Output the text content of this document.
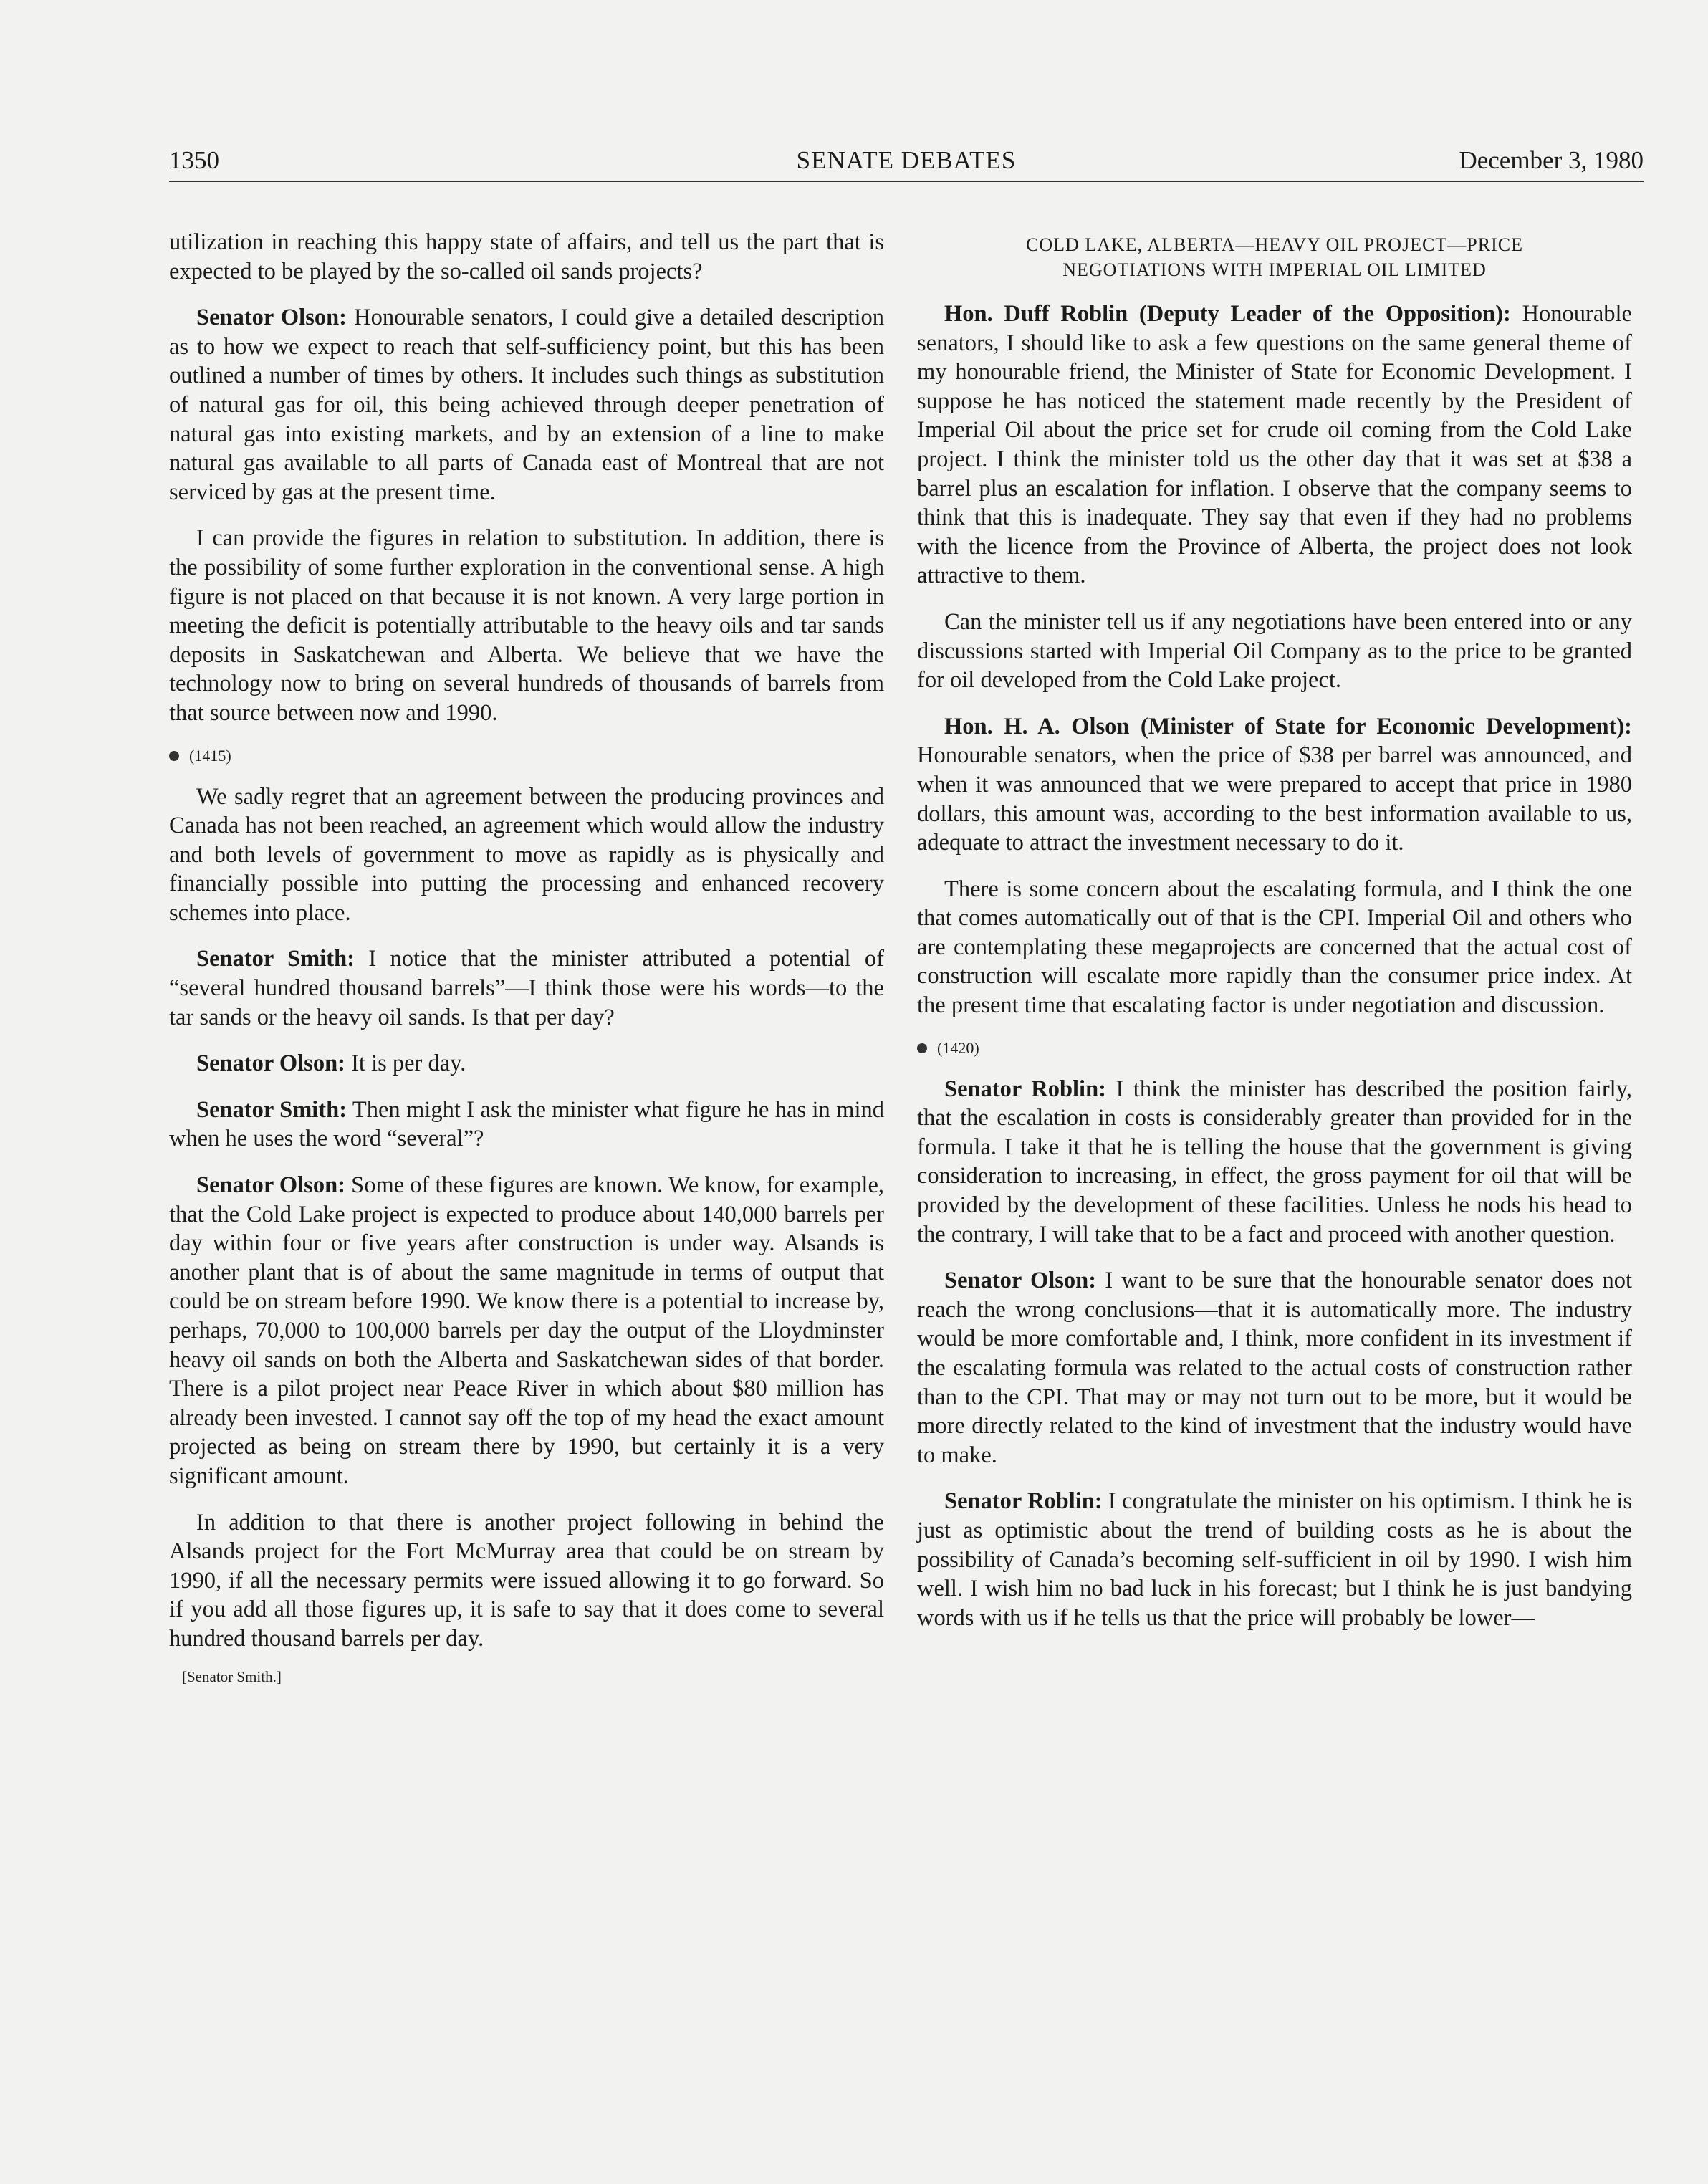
1350	SENATE DEBATES	December 3, 1980

utilization in reaching this happy state of affairs, and tell us the part that is expected to be played by the so-called oil sands projects?

Senator Olson: Honourable senators, I could give a detailed description as to how we expect to reach that self-sufficiency point, but this has been outlined a number of times by others. It includes such things as substitution of natural gas for oil, this being achieved through deeper penetration of natural gas into existing markets, and by an extension of a line to make natural gas available to all parts of Canada east of Montreal that are not serviced by gas at the present time.

I can provide the figures in relation to substitution. In addition, there is the possibility of some further exploration in the conventional sense. A high figure is not placed on that because it is not known. A very large portion in meeting the deficit is potentially attributable to the heavy oils and tar sands deposits in Saskatchewan and Alberta. We believe that we have the technology now to bring on several hundreds of thousands of barrels from that source between now and 1990.

(1415)

We sadly regret that an agreement between the producing provinces and Canada has not been reached, an agreement which would allow the industry and both levels of government to move as rapidly as is physically and financially possible into putting the processing and enhanced recovery schemes into place.

Senator Smith: I notice that the minister attributed a potential of “several hundred thousand barrels”—I think those were his words—to the tar sands or the heavy oil sands. Is that per day?

Senator Olson: It is per day.

Senator Smith: Then might I ask the minister what figure he has in mind when he uses the word “several”?

Senator Olson: Some of these figures are known. We know, for example, that the Cold Lake project is expected to produce about 140,000 barrels per day within four or five years after construction is under way. Alsands is another plant that is of about the same magnitude in terms of output that could be on stream before 1990. We know there is a potential to increase by, perhaps, 70,000 to 100,000 barrels per day the output of the Lloydminster heavy oil sands on both the Alberta and Saskatchewan sides of that border. There is a pilot project near Peace River in which about $80 million has already been invested. I cannot say off the top of my head the exact amount projected as being on stream there by 1990, but certainly it is a very significant amount.

In addition to that there is another project following in behind the Alsands project for the Fort McMurray area that could be on stream by 1990, if all the necessary permits were issued allowing it to go forward. So if you add all those figures up, it is safe to say that it does come to several hundred thousand barrels per day.

[Senator Smith.]
COLD LAKE, ALBERTA—HEAVY OIL PROJECT—PRICE
NEGOTIATIONS WITH IMPERIAL OIL LIMITED

Hon. Duff Roblin (Deputy Leader of the Opposition): Honourable senators, I should like to ask a few questions on the same general theme of my honourable friend, the Minister of State for Economic Development. I suppose he has noticed the statement made recently by the President of Imperial Oil about the price set for crude oil coming from the Cold Lake project. I think the minister told us the other day that it was set at $38 a barrel plus an escalation for inflation. I observe that the company seems to think that this is inadequate. They say that even if they had no problems with the licence from the Province of Alberta, the project does not look attractive to them.

Can the minister tell us if any negotiations have been entered into or any discussions started with Imperial Oil Company as to the price to be granted for oil developed from the Cold Lake project.

Hon. H. A. Olson (Minister of State for Economic Development): Honourable senators, when the price of $38 per barrel was announced, and when it was announced that we were prepared to accept that price in 1980 dollars, this amount was, according to the best information available to us, adequate to attract the investment necessary to do it.

There is some concern about the escalating formula, and I think the one that comes automatically out of that is the CPI. Imperial Oil and others who are contemplating these megaprojects are concerned that the actual cost of construction will escalate more rapidly than the consumer price index. At the present time that escalating factor is under negotiation and discussion.

(1420)

Senator Roblin: I think the minister has described the position fairly, that the escalation in costs is considerably greater than provided for in the formula. I take it that he is telling the house that the government is giving consideration to increasing, in effect, the gross payment for oil that will be provided by the development of these facilities. Unless he nods his head to the contrary, I will take that to be a fact and proceed with another question.

Senator Olson: I want to be sure that the honourable senator does not reach the wrong conclusions—that it is automatically more. The industry would be more comfortable and, I think, more confident in its investment if the escalating formula was related to the actual costs of construction rather than to the CPI. That may or may not turn out to be more, but it would be more directly related to the kind of investment that the industry would have to make.

Senator Roblin: I congratulate the minister on his optimism. I think he is just as optimistic about the trend of building costs as he is about the possibility of Canada’s becoming self-sufficient in oil by 1990. I wish him well. I wish him no bad luck in his forecast; but I think he is just bandying words with us if he tells us that the price will probably be lower—
